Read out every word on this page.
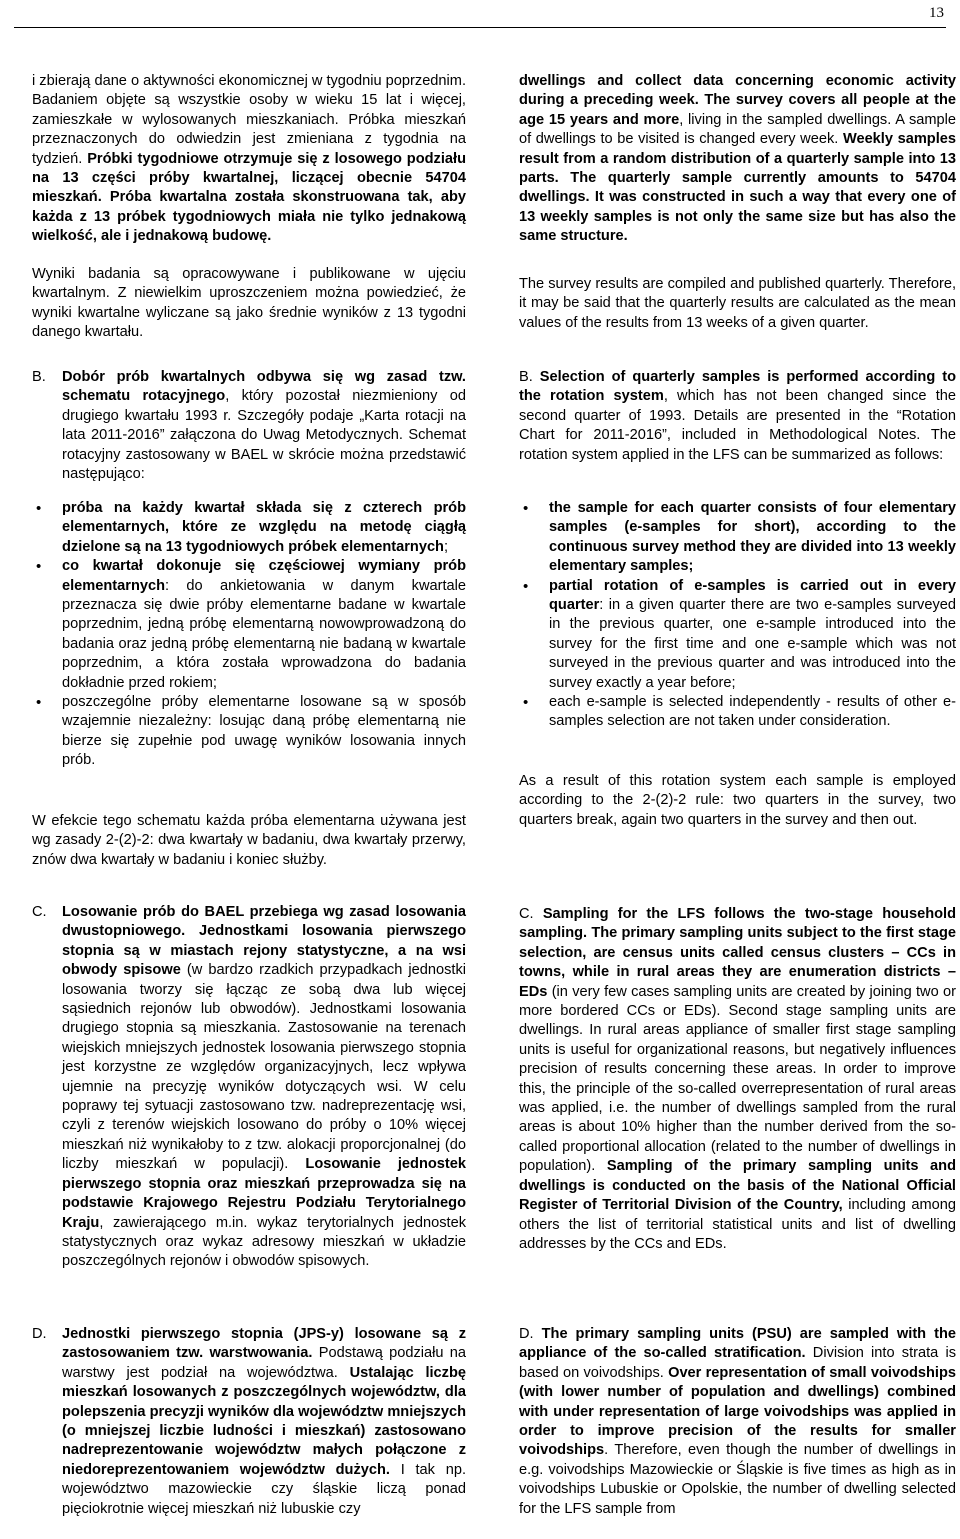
13

i zbierają dane o aktywności ekonomicznej w tygodniu poprzednim. Badaniem objęte są wszystkie osoby w wieku 15 lat i więcej, zamieszkałe w wylosowanych mieszkaniach. Próbka mieszkań przeznaczonych do odwiedzin jest zmieniana z tygodnia na tydzień. Próbki tygodniowe otrzymuje się z losowego podziału na 13 części próby kwartalnej, liczącej obecnie 54704 mieszkań. Próba kwartalna została skonstruowana tak, aby każda z 13 próbek tygodniowych miała nie tylko jednakową wielkość, ale i jednakową budowę.

Wyniki badania są opracowywane i publikowane w ujęciu kwartalnym. Z niewielkim uproszczeniem można powiedzieć, że wyniki kwartalne wyliczane są jako średnie wyników z 13 tygodni danego kwartału.

B.	Dobór prób kwartalnych odbywa się wg zasad tzw. schematu rotacyjnego, który pozostał niezmieniony od drugiego kwartału 1993 r. Szczegóły podaje „Karta rotacji na lata 2011-2016” załączona do Uwag Metodycznych. Schemat rotacyjny zastosowany w BAEL w skrócie można przedstawić następująco:
• próba na każdy kwartał składa się z czterech prób elementarnych, które ze względu na metodę ciągłą dzielone są na 13 tygodniowych próbek elementarnych;
• co kwartał dokonuje się częściowej wymiany prób elementarnych: do ankietowania w danym kwartale przeznacza się dwie próby elementarne badane w kwartale poprzednim, jedną próbę elementarną nowowprowadzoną do badania oraz jedną próbę elementarną nie badaną w kwartale poprzednim, a która została wprowadzona do badania dokładnie przed rokiem;
• poszczególne próby elementarne losowane są w sposób wzajemnie niezależny: losując daną próbę elementarną nie bierze się zupełnie pod uwagę wyników losowania innych prób.

W efekcie tego schematu każda próba elementarna używana jest wg zasady 2-(2)-2: dwa kwartały w badaniu, dwa kwartały przerwy, znów dwa kwartały w badaniu i koniec służby.

C.	Losowanie prób do BAEL przebiega wg zasad losowania dwustopniowego. Jednostkami losowania pierwszego stopnia są w miastach rejony statystyczne, a na wsi obwody spisowe (w bardzo rzadkich przypadkach jednostki losowania tworzy się łącząc ze sobą dwa lub więcej sąsiednich rejonów lub obwodów). Jednostkami losowania drugiego stopnia są mieszkania. Zastosowanie na terenach wiejskich mniejszych jednostek losowania pierwszego stopnia jest korzystne ze względów organizacyjnych, lecz wpływa ujemnie na precyzję wyników dotyczących wsi. W celu poprawy tej sytuacji zastosowano tzw. nadreprezentację wsi, czyli z terenów wiejskich losowano do próby o 10% więcej mieszkań niż wynikałoby to z tzw. alokacji proporcjonalnej (do liczby mieszkań w populacji). Losowanie jednostek pierwszego stopnia oraz mieszkań przeprowadza się na podstawie Krajowego Rejestru Podziału Terytorialnego Kraju, zawierającego m.in. wykaz terytorialnych jednostek statystycznych oraz wykaz adresowy mieszkań w układzie poszczególnych rejonów i obwodów spisowych.
D.	Jednostki pierwszego stopnia (JPS-y) losowane są z zastosowaniem tzw. warstwowania. Podstawą podziału na warstwy jest podział na województwa. Ustalając liczbę mieszkań losowanych z poszczególnych województw, dla polepszenia precyzji wyników dla województw mniejszych (o mniejszej liczbie ludności i mieszkań) zastosowano nadreprezentowanie województw małych połączone z niedoreprezentowaniem województw dużych. I tak np. województwo mazowieckie czy śląskie liczą ponad pięciokrotnie więcej mieszkań niż lubuskie czy

dwellings and collect data concerning economic activity during a preceding week. The survey covers all people at the age 15 years and more, living in the sampled dwellings. A sample of dwellings to be visited is changed every week. Weekly samples result from a random distribution of a quarterly sample into 13 parts. The quarterly sample currently amounts to 54704 dwellings. It was constructed in such a way that every one of 13 weekly samples is not only the same size but has also the same structure.

The survey results are compiled and published quarterly. Therefore, it may be said that the quarterly results are calculated as the mean values of the results from 13 weeks of a given quarter.

B. Selection of quarterly samples is performed according to the rotation system, which has not been changed since the second quarter of 1993. Details are presented in the “Rotation Chart for 2011-2016”, included in Methodological Notes. The rotation system applied in the LFS can be summarized as follows:
• the sample for each quarter consists of four elementary samples (e-samples for short), according to the continuous survey method they are divided into 13 weekly elementary samples;
• partial rotation of e-samples is carried out in every quarter: in a given quarter there are two e-samples surveyed in the previous quarter, one e-sample introduced into the survey for the first time and one e-sample which was not surveyed in the previous quarter and was introduced into the survey exactly a year before;
• each e-sample is selected independently - results of other e-samples selection are not taken under consideration.

As a result of this rotation system each sample is employed according to the 2-(2)-2 rule: two quarters in the survey, two quarters break, again two quarters in the survey and then out.

C. Sampling for the LFS follows the two-stage household sampling. The primary sampling units subject to the first stage selection, are census units called census clusters – CCs in towns, while in rural areas they are enumeration districts – EDs (in very few cases sampling units are created by joining two or more bordered CCs or EDs). Second stage sampling units are dwellings. In rural areas appliance of smaller first stage sampling units is useful for organizational reasons, but negatively influences precision of results concerning these areas. In order to improve this, the principle of the so-called overrepresentation of rural areas was applied, i.e. the number of dwellings sampled from the rural areas is about 10% higher than the number derived from the so-called proportional allocation (related to the number of dwellings in population). Sampling of the primary sampling units and dwellings is conducted on the basis of the National Official Register of Territorial Division of the Country, including among others the list of territorial statistical units and list of dwelling addresses by the CCs and EDs.
D. The primary sampling units (PSU) are sampled with the appliance of the so-called stratification. Division into strata is based on voivodships. Over representation of small voivodships (with lower number of population and dwellings) combined with under representation of large voivodships was applied in order to improve precision of the results for smaller voivodships. Therefore, even though the number of dwellings in e.g. voivodships Mazowieckie or Śląskie is five times as high as in voivodships Lubuskie or Opolskie, the number of dwelling selected for the LFS sample from
